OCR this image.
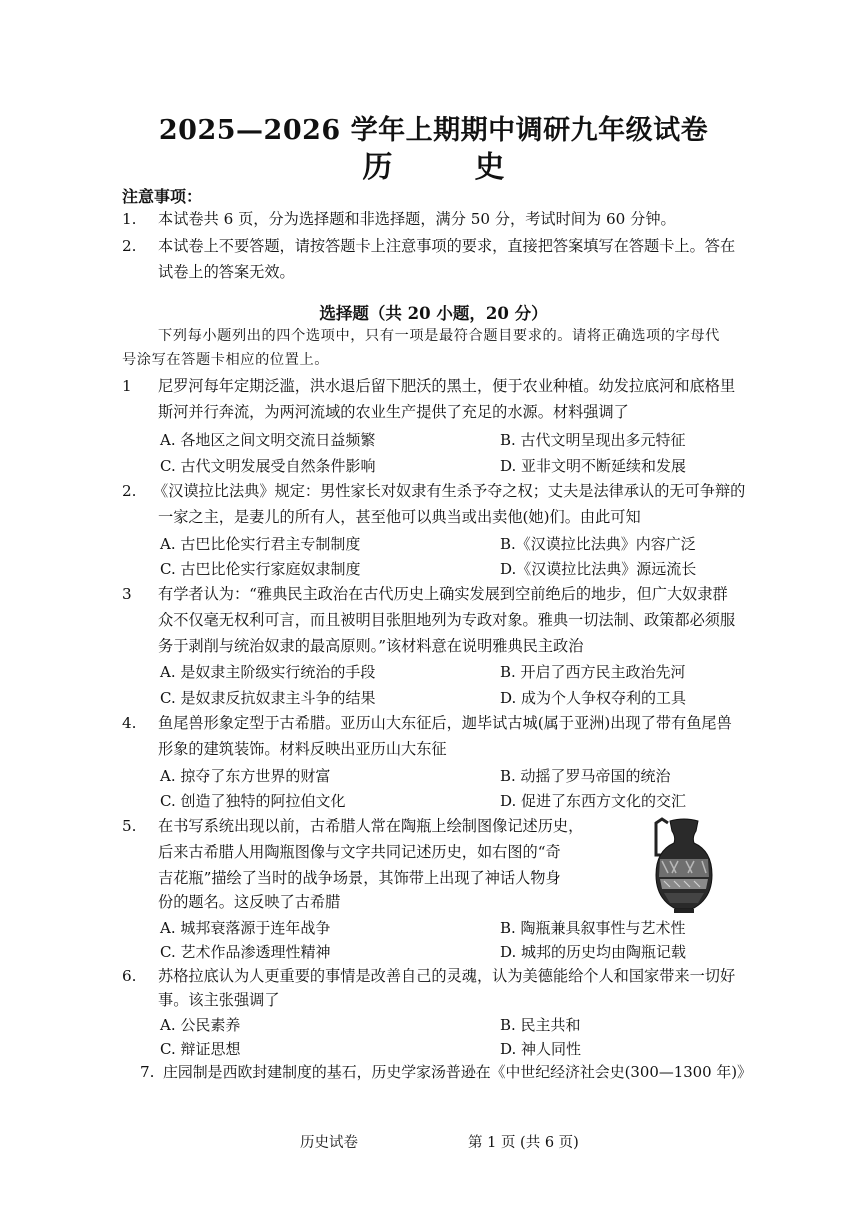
2025—2026 学年上期期中调研九年级试卷
历　史
注意事项：
1. 本试卷共 6 页，分为选择题和非选择题，满分 50 分，考试时间为 60 分钟。
2. 本试卷上不要答题，请按答题卡上注意事项的要求，直接把答案填写在答题卡上。答在
试卷上的答案无效。
选择题（共 20 小题，20 分）
下列每小题列出的四个选项中，只有一项是最符合题目要求的。请将正确选项的字母代
号涂写在答题卡相应的位置上。
1 尼罗河每年定期泛滥，洪水退后留下肥沃的黑土，便于农业种植。幼发拉底河和底格里
斯河并行奔流，为两河流域的农业生产提供了充足的水源。材料强调了
A. 各地区之间文明交流日益频繁	B. 古代文明呈现出多元特征
C. 古代文明发展受自然条件影响	D. 亚非文明不断延续和发展
2. 《汉谟拉比法典》规定：男性家长对奴隶有生杀予夺之权；丈夫是法律承认的无可争辩的
一家之主，是妻儿的所有人，甚至他可以典当或出卖他(她)们。由此可知
A. 古巴比伦实行君主专制制度	B.《汉谟拉比法典》内容广泛
C. 古巴比伦实行家庭奴隶制度	D.《汉谟拉比法典》源远流长
3 有学者认为：“雅典民主政治在古代历史上确实发展到空前绝后的地步，但广大奴隶群
众不仅毫无权利可言，而且被明目张胆地列为专政对象。雅典一切法制、政策都必须服
务于剥削与统治奴隶的最高原则。”该材料意在说明雅典民主政治
A. 是奴隶主阶级实行统治的手段	B. 开启了西方民主政治先河
C. 是奴隶反抗奴隶主斗争的结果	D. 成为个人争权夺利的工具
4. 鱼尾兽形象定型于古希腊。亚历山大东征后，迦毕试古城(属于亚洲)出现了带有鱼尾兽
形象的建筑装饰。材料反映出亚历山大东征
A. 掠夺了东方世界的财富	B. 动摇了罗马帝国的统治
C. 创造了独特的阿拉伯文化	D. 促进了东西方文化的交汇
5. 在书写系统出现以前，古希腊人常在陶瓶上绘制图像记述历史，
后来古希腊人用陶瓶图像与文字共同记述历史，如右图的“奇
吉花瓶”描绘了当时的战争场景，其饰带上出现了神话人物身
份的题名。这反映了古希腊
A. 城邦衰落源于连年战争	B. 陶瓶兼具叙事性与艺术性
C. 艺术作品渗透理性精神	D. 城邦的历史均由陶瓶记载
6. 苏格拉底认为人更重要的事情是改善自己的灵魂，认为美德能给个人和国家带来一切好
事。该主张强调了
A. 公民素养	B. 民主共和
C. 辩证思想	D. 神人同性
7. 庄园制是西欧封建制度的基石，历史学家汤普逊在《中世纪经济社会史(300—1300 年)》
历史试卷	第 1 页 (共 6 页)
